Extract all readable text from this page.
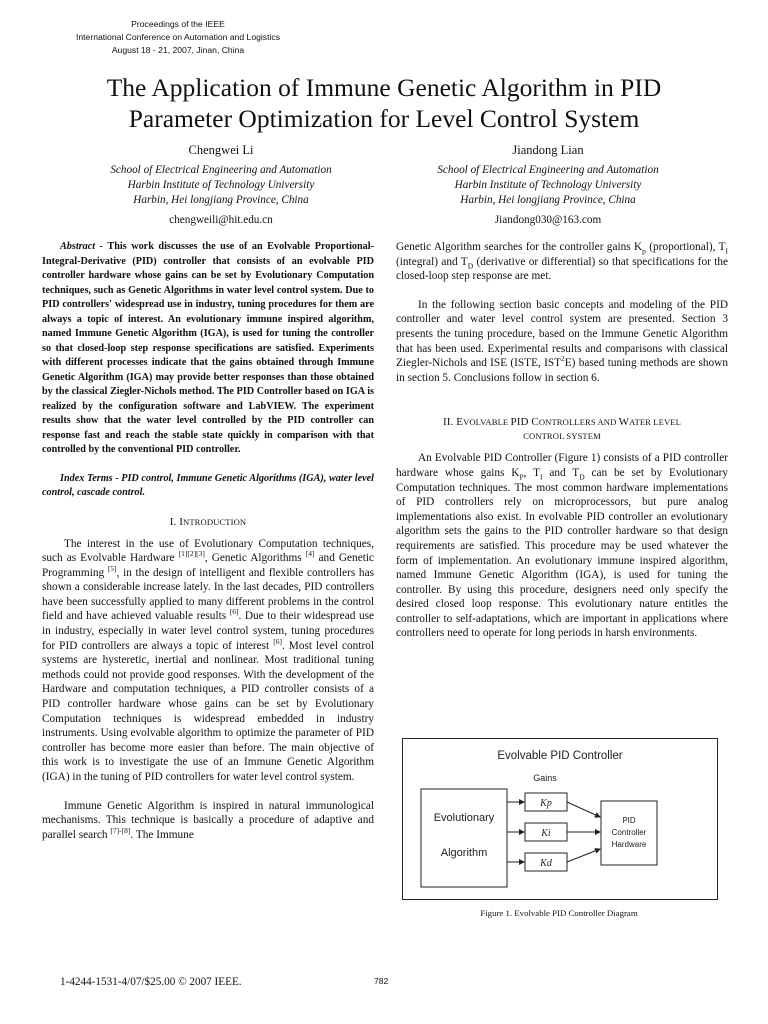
Proceedings of the IEEE
International Conference on Automation and Logistics
August 18 - 21, 2007, Jinan, China
The Application of Immune Genetic Algorithm in PID
Parameter Optimization for Level Control System
Chengwei Li
School of Electrical Engineering and Automation
Harbin Institute of Technology University
Harbin, Hei longjiang Province, China
chengweili@hit.edu.cn
Jiandong Lian
School of Electrical Engineering and Automation
Harbin Institute of Technology University
Harbin, Hei longjiang Province, China
Jiandong030@163.com

Abstract - This work discusses the use of an Evolvable Proportional-Integral-Derivative (PID) controller that consists of an evolvable PID controller hardware whose gains can be set by Evolutionary Computation techniques, such as Genetic Algorithms in water level control system. Due to PID controllers' widespread use in industry, tuning procedures for them are always a topic of interest. An evolutionary immune inspired algorithm, named Immune Genetic Algorithm (IGA), is used for tuning the controller so that closed-loop step response specifications are satisfied. Experiments with different processes indicate that the gains obtained through Immune Genetic Algorithm (IGA) may provide better responses than those obtained by the classical Ziegler-Nichols method. The PID Controller based on IGA is realized by the configuration software and LabVIEW. The experiment results show that the water level controlled by the PID controller can response fast and reach the stable state quickly in comparison with that controlled by the conventional PID controller.

Index Terms - PID control, Immune Genetic Algorithms (IGA), water level control, cascade control.

I. INTRODUCTION

The interest in the use of Evolutionary Computation techniques, such as Evolvable Hardware [1][2][3], Genetic Algorithms [4] and Genetic Programming [5], in the design of intelligent and flexible controllers has shown a considerable increase lately. In the last decades, PID controllers have been successfully applied to many different problems in the control field and have achieved valuable results [6]. Due to their widespread use in industry, especially in water level control system, tuning procedures for PID controllers are always a topic of interest [6]. Most level control systems are hysteretic, inertial and nonlinear. Most traditional tuning methods could not provide good responses. With the development of the Hardware and computation techniques, a PID controller consists of a PID controller hardware whose gains can be set by Evolutionary Computation techniques is widespread embedded in industry instruments. Using evolvable algorithm to optimize the parameter of PID controller has become more easier than before. The main objective of this work is to investigate the use of an Immune Genetic Algorithm (IGA) in the tuning of PID controllers for water level control system.

Immune Genetic Algorithm is inspired in natural immunological mechanisms. This technique is basically a procedure of adaptive and parallel search [7]-[8]. The Immune

Genetic Algorithm searches for the controller gains $K_p$ (proportional), $T_I$ (integral) and $T_D$ (derivative or differential) so that specifications for the closed-loop step response are met.

In the following section basic concepts and modeling of the PID controller and water level control system are presented. Section 3 presents the tuning procedure, based on the Immune Genetic Algorithm that has been used. Experimental results and comparisons with classical Ziegler-Nichols and ISE (ISTE, IST$^2$E) based tuning methods are shown in section 5. Conclusions follow in section 6.

II. EVOLVABLE PID CONTROLLERS AND WATER LEVEL
CONTROL SYSTEM

An Evolvable PID Controller (Figure 1) consists of a PID controller hardware whose gains $K_P$, $T_I$ and $T_D$ can be set by Evolutionary Computation techniques. The most common hardware implementations of PID controllers rely on microprocessors, but pure analog implementations also exist. In evolvable PID controller an evolutionary algorithm sets the gains to the PID controller hardware so that design requirements are satisfied. This procedure may be used whatever the form of implementation. An evolutionary immune inspired algorithm, named Immune Genetic Algorithm (IGA), is used for tuning the controller. By using this procedure, designers need only specify the desired closed loop response. This evolutionary nature entitles the controller to self-adaptations, which are important in applications where controllers need to operate for long periods in harsh environments.

Evolvable PID Controller
Gains
Evolutionary
Algorithm
Kp
Ki
Kd
PID
Controller
Hardware
Figure 1. Evolvable PID Controller Diagram
1-4244-1531-4/07/$25.00 © 2007 IEEE.	782
